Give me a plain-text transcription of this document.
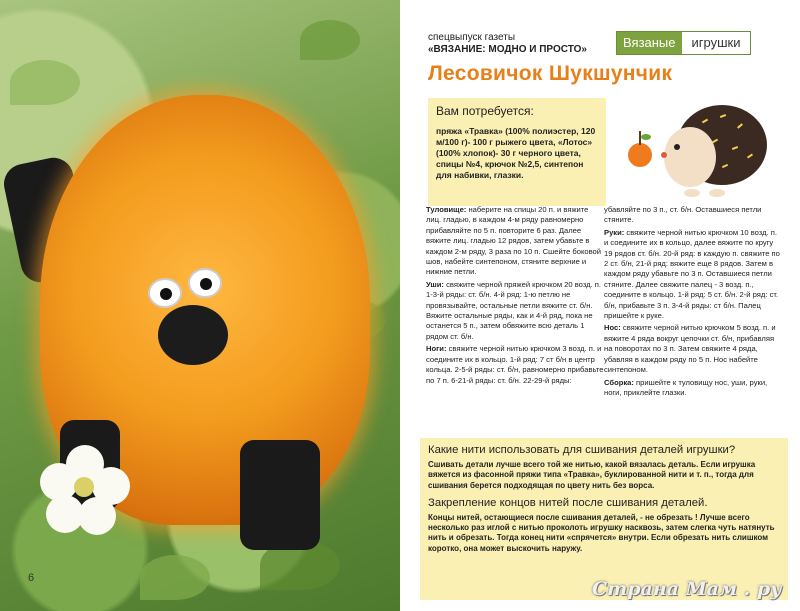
6
спецвыпуск газеты
«ВЯЗАНИЕ: МОДНО И ПРОСТО»	Вязаные	игрушки
Лесовичок Шукшунчик
Вам потребуется:
пряжа «Травка» (100% полиэстер, 120 м/100 г)- 100 г рыжего цвета, «Лотос» (100% хлопок)- 30 г черного цвета, спицы №4, крючок №2,5, синтепон для набивки, глазки.

Туловище: наберите на спицы 20 п. и вяжите лиц. гладью, в каждом 4-м ряду равномерно прибавляйте по 5 п. повторите 6 раз. Далее вяжите лиц. гладью 12 рядов, затем убавьте в каждом 2-м ряду, 3 раза по 10 п. Сшейте боковой шов, набейте синтепоном, стяните верхние и нижние петли.

Уши: свяжите черной пряжей крючком 20 возд. п. 1-3-й ряды: ст. б/н. 4-й ряд: 1-ю петлю не провязывайте, остальные петли вяжите ст. б/н. Вяжите остальные ряды, как и 4-й ряд, пока не останется 5 п., затем обвяжите всю деталь 1 рядом ст. б/н.

Ноги: свяжите черной нитью крючком 3 возд. п. и соедините их в кольцо. 1-й ряд: 7 ст б/н в центр кольца. 2-5-й ряды: ст. б/н, равномерно прибавьте по 7 п. 6-21-й ряды: ст. б/н. 22-29-й ряды:

убавляйте по 3 п., ст. б/н. Оставшиеся петли стяните.

Руки: свяжите черной нитью крючком 10 возд. п. и соедините их в кольцо, далее вяжите по кругу 19 рядов ст. б/н. 20-й ряд: в каждую п. свяжите по 2 ст. б/н, 21-й ряд: вяжите еще 8 рядов. Затем в каждом ряду убавьте по 3 п. Оставшиеся петли стяните. Далее свяжите палец - 3 возд. п., соедините в кольцо. 1-й ряд: 5 ст. б/н. 2-й ряд: ст. б/н, прибавьте 3 п. 3-4-й ряды: ст б/н. Палец пришейте к руке.

Нос: свяжите черной нитью крючком 5 возд. п. и вяжите 4 ряда вокруг цепочки ст. б/н, прибавляя на поворотах по 3 п. Затем свяжите 4 ряда, убавляя в каждом ряду по 5 п. Нос набейте синтепоном.

Сборка: пришейте к туловищу нос, уши, руки, ноги, приклейте глазки.

Какие нити использовать для сшивания деталей игрушки?
Сшивать детали лучше всего той же нитью, какой вязалась деталь. Если игрушка вяжется из фасонной пряжи типа «Травка», буклированной нити и т. п., тогда для сшивания берется подходящая по цвету нить без ворса.
Закрепление концов нитей после сшивания деталей.
Концы нитей, остающиеся после сшивания деталей, - не обрезать ! Лучше всего несколько раз иглой с нитью проколоть игрушку насквозь, затем слегка чуть натянуть нить и обрезать. Тогда конец нити «спрячется» внутри. Если обрезать нить слишком коротко, она может выскочить наружу.
Страна Мам . ру
